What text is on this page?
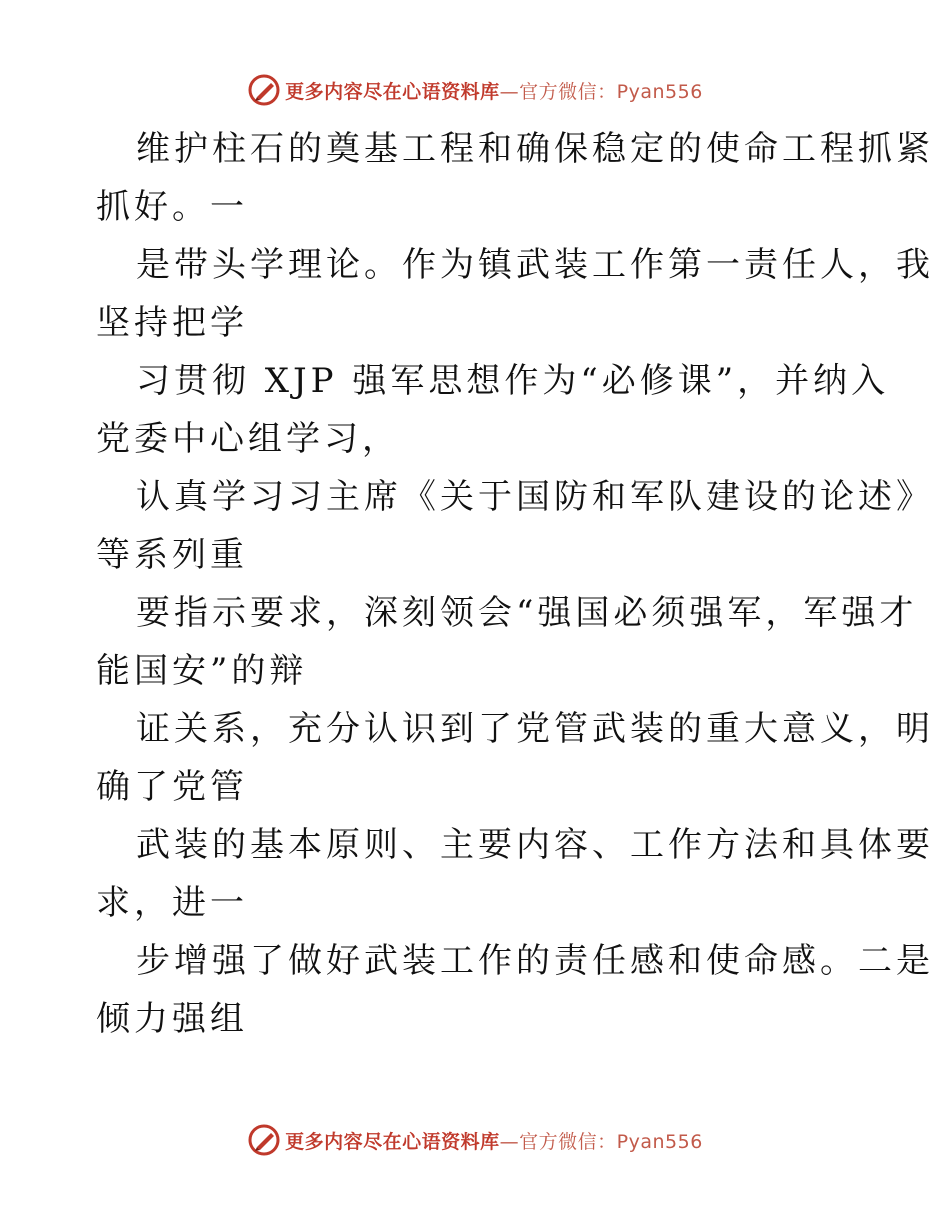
更多内容尽在心语资料库—官方微信：Pyan556

维护柱石的奠基工程和确保稳定的使命工程抓紧
抓好。一

是带头学理论。作为镇武装工作第一责任人，我
坚持把学

习贯彻 XJP 强军思想作为“必修课”，并纳入
党委中心组学习，

认真学习习主席《关于国防和军队建设的论述》
等系列重

要指示要求，深刻领会“强国必须强军，军强才
能国安”的辩

证关系，充分认识到了党管武装的重大意义，明
确了党管

武装的基本原则、主要内容、工作方法和具体要
求，进一

步增强了做好武装工作的责任感和使命感。二是
倾力强组

更多内容尽在心语资料库—官方微信：Pyan556
